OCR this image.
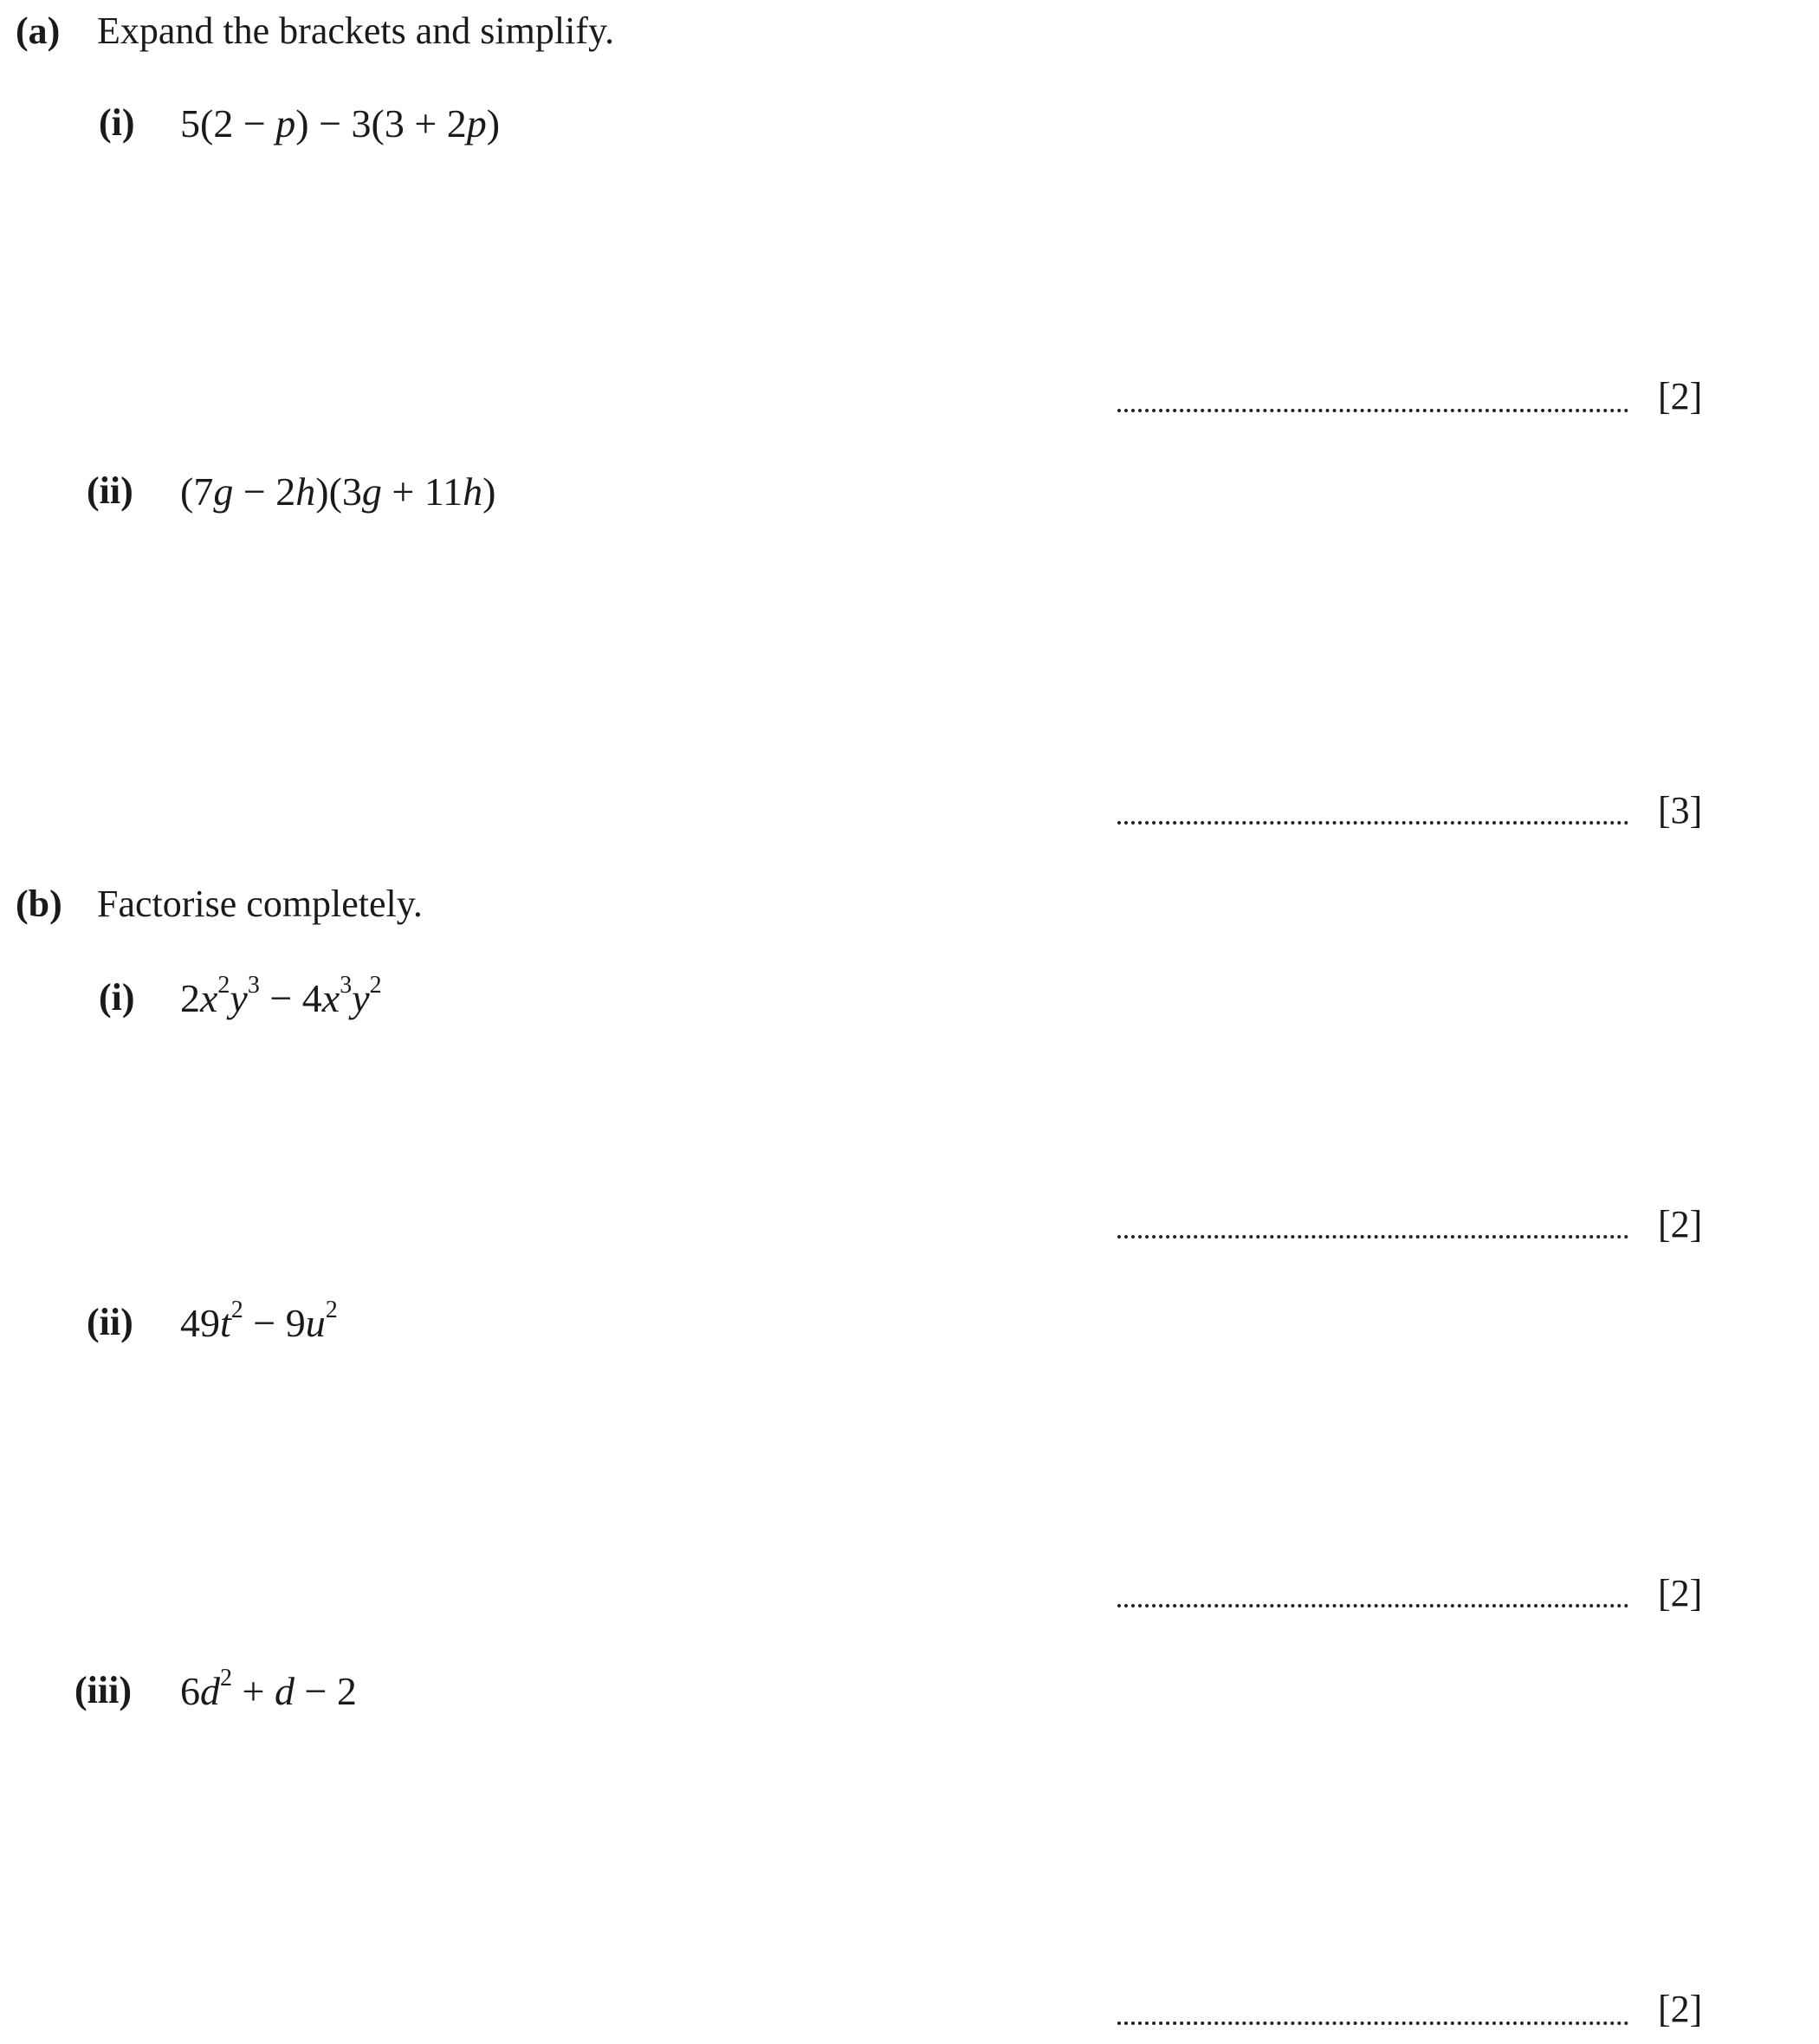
(a) Expand the brackets and simplify.
(i) 5(2 − p) − 3(3 + 2p)
[2]
(ii) (7g − 2h)(3g + 11h)
[3]
(b) Factorise completely.
(i) $2x^2y^3 - 4x^3y^2$
[2]
(ii) $49t^2 - 9u^2$
[2]
(iii) $6d^2 + d - 2$
[2]
